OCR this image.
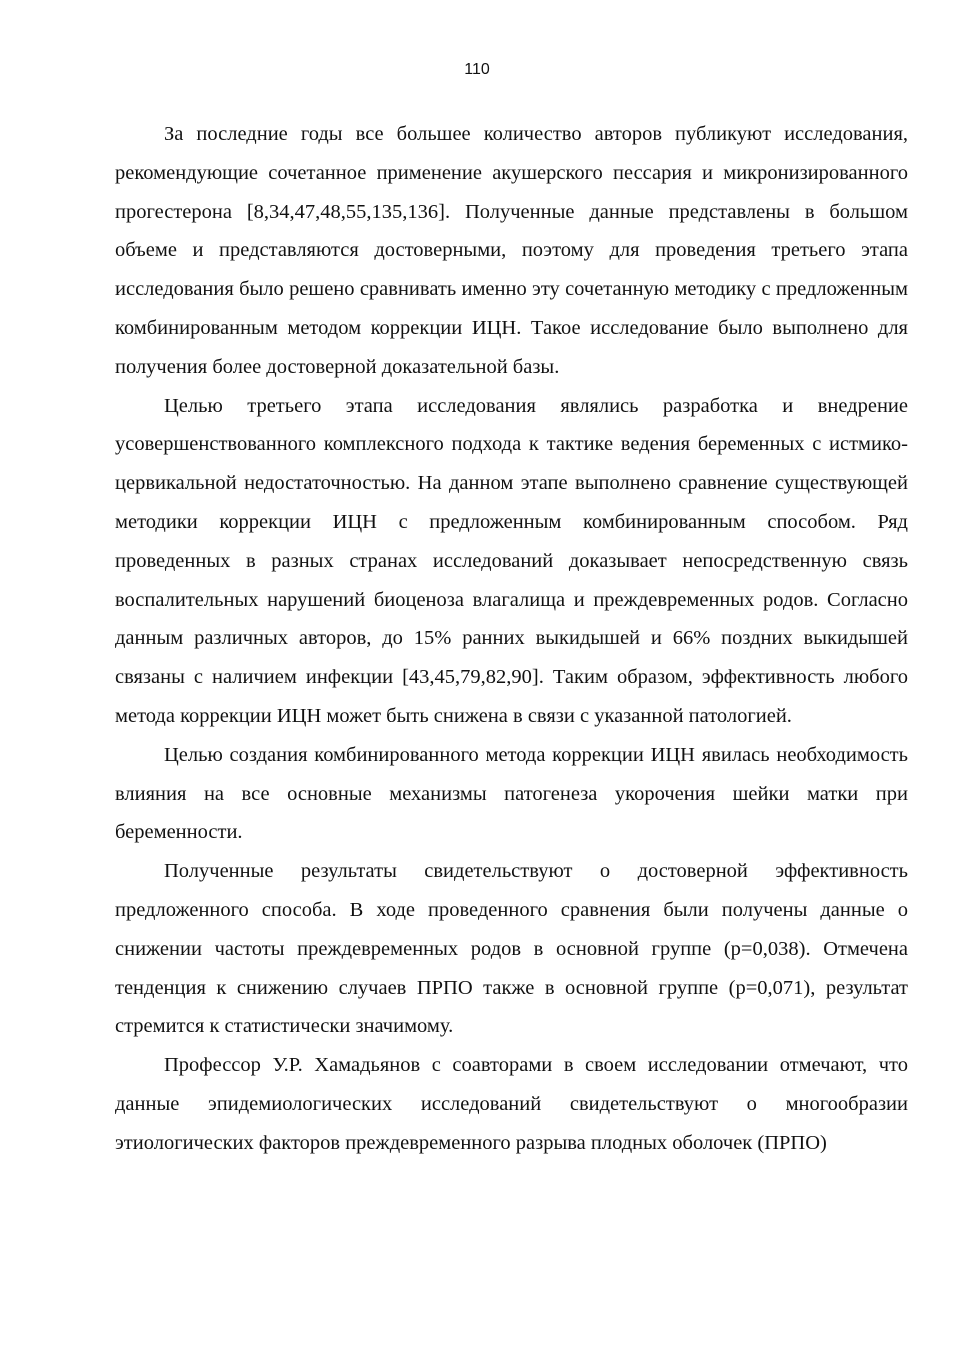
110

За последние годы все большее количество авторов публикуют исследования, рекомендующие сочетанное применение акушерского пессария и микронизированного прогестерона [8,34,47,48,55,135,136]. Полученные данные представлены в большом объеме и представляются достоверными, поэтому для проведения третьего этапа исследования было решено сравнивать именно эту сочетанную методику с предложенным комбинированным методом коррекции ИЦН. Такое исследование было выполнено для получения более достоверной доказательной базы.

Целью третьего этапа исследования являлись разработка и внедрение усовершенствованного комплексного подхода к тактике ведения беременных с истмико-цервикальной недостаточностью. На данном этапе выполнено сравнение существующей методики коррекции ИЦН с предложенным комбинированным способом. Ряд проведенных в разных странах исследований доказывает непосредственную связь воспалительных нарушений биоценоза влагалища и преждевременных родов. Согласно данным различных авторов, до 15% ранних выкидышей и 66% поздних выкидышей связаны с наличием инфекции [43,45,79,82,90]. Таким образом, эффективность любого метода коррекции ИЦН может быть снижена в связи с указанной патологией.

Целью создания комбинированного метода коррекции ИЦН явилась необходимость влияния на все основные механизмы патогенеза укорочения шейки матки при беременности.

Полученные результаты свидетельствуют о достоверной эффективность предложенного способа. В ходе проведенного сравнения были получены данные о снижении частоты преждевременных родов в основной группе (р=0,038). Отмечена тенденция к снижению случаев ПРПО также в основной группе (р=0,071), результат стремится к статистически значимому.

Профессор У.Р. Хамадьянов с соавторами в своем исследовании отмечают, что данные эпидемиологических исследований свидетельствуют о многообразии этиологических факторов преждевременного разрыва плодных оболочек (ПРПО)
